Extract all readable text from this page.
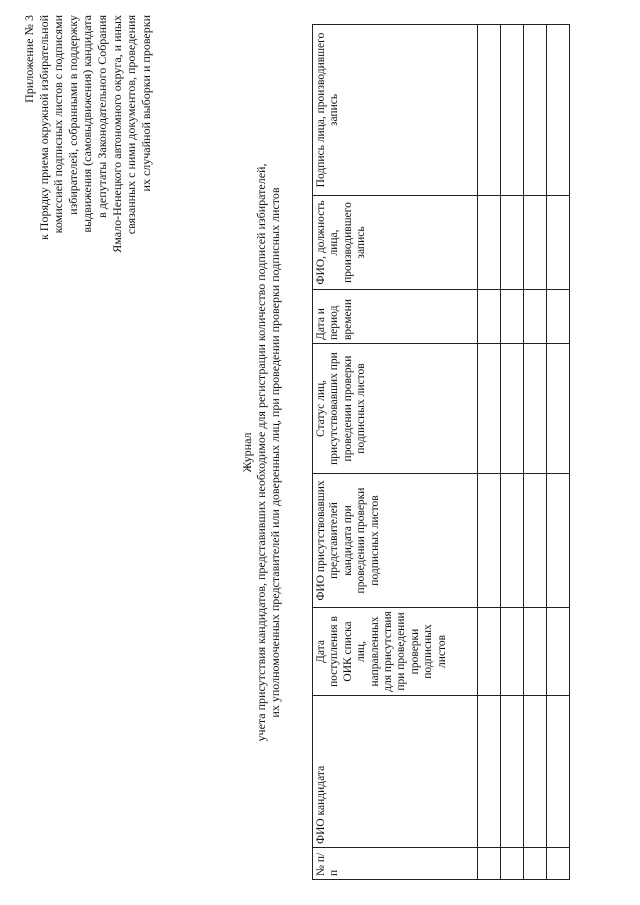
Приложение № 3 к Порядку приема окружной избирательной комиссией подписных листов с подписями избирателей, собранными в поддержку выдвижения (самовыдвижения) кандидата в депутаты Законодательного Собрания Ямало-Ненецкого автономного округа, и иных связанных с ними документов, проведения их случайной выборки и проверки
Журнал учета присутствия кандидатов, представивших необходимое для регистрации количество подписей избирателей, их уполномоченных представителей или доверенных лиц, при проведении проверки подписных листов
№ п/п	ФИО кандидата	Дата поступления в ОИК списка лиц, направленных для присутствия при проведении проверки подписных листов	ФИО присутствовавших представителей кандидата при проведении проверки подписных листов	Статус лиц, присутствовавших при проведении проверки подписных листов	Дата и период времени	ФИО, должность лица, производившего запись	Подпись лица, производившего запись
